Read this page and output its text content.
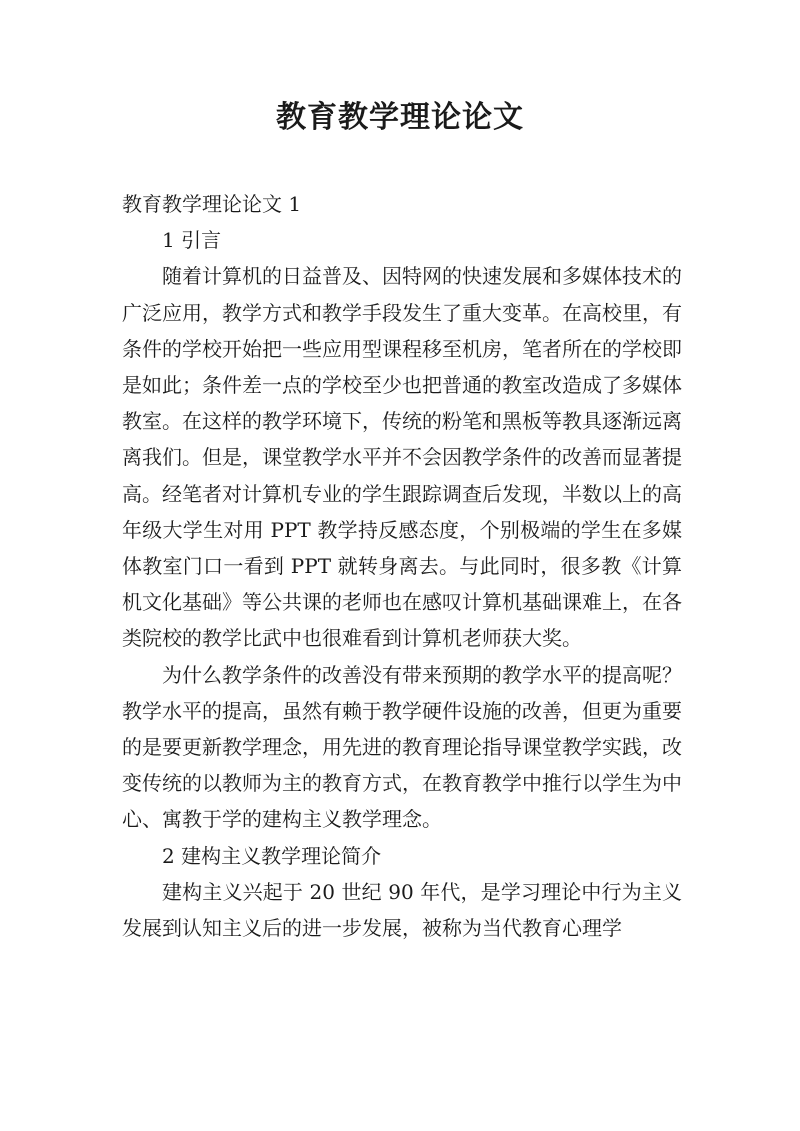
教育教学理论论文

教育教学理论论文 1

1 引言

随着计算机的日益普及、因特网的快速发展和多媒体技术的广泛应用，教学方式和教学手段发生了重大变革。在高校里，有条件的学校开始把一些应用型课程移至机房，笔者所在的学校即是如此；条件差一点的学校至少也把普通的教室改造成了多媒体教室。在这样的教学环境下，传统的粉笔和黑板等教具逐渐远离离我们。但是，课堂教学水平并不会因教学条件的改善而显著提高。经笔者对计算机专业的学生跟踪调查后发现，半数以上的高年级大学生对用 PPT 教学持反感态度，个别极端的学生在多媒体教室门口一看到 PPT 就转身离去。与此同时，很多教《计算机文化基础》等公共课的老师也在感叹计算机基础课难上，在各类院校的教学比武中也很难看到计算机老师获大奖。

为什么教学条件的改善没有带来预期的教学水平的提高呢？教学水平的提高，虽然有赖于教学硬件设施的改善，但更为重要的是要更新教学理念，用先进的教育理论指导课堂教学实践，改变传统的以教师为主的教育方式，在教育教学中推行以学生为中心、寓教于学的建构主义教学理念。

2 建构主义教学理论简介

建构主义兴起于 20 世纪 90 年代，是学习理论中行为主义发展到认知主义后的进一步发展，被称为当代教育心理学
